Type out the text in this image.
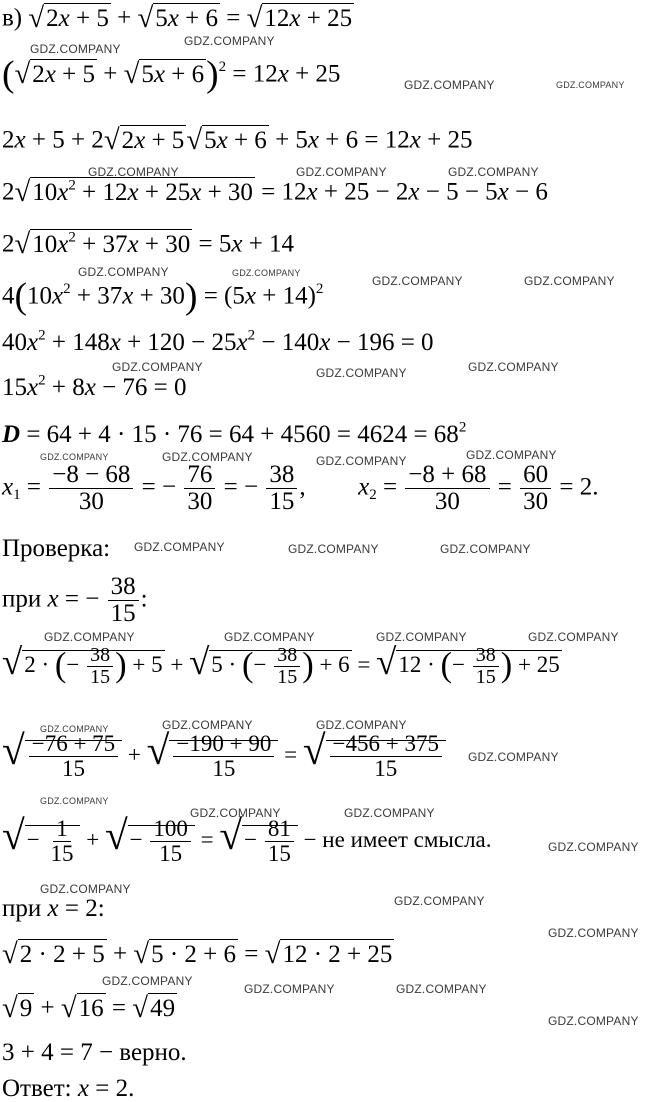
в) √2x + 5 + √5x + 6 = √12x + 25
$(√2x + 5 + √5x + 6)^2 = 12x + 25$
2x + 5 + 2√2x + 5√5x + 6 + 5x + 6 = 12x + 25
$2√10x^2 + 12x + 25x + 30 = 12x + 25 - 2x - 5 - 5x - 6$
$2√10x^2 + 37x + 30 = 5x + 14$
$4(10x^2 + 37x + 30) = (5x + 14)^2$
$40x^2 + 148x + 120 - 25x^2 - 140x - 196 = 0$
$15x^2 + 8x - 76 = 0$
$D = 64 + 4 \cdot 15 \cdot 76 = 64 + 4560 = 4624 = 68^2$
$x_1 = \frac{-8 - 68}{30}$ = − $\frac{76}{30}$ = − $\frac{38}{15}$ ,  $x_2 = \frac{-8 + 68}{30} = \frac{60}{30} = 2$.
Проверка:
при x = − $\frac{38}{15}$ :
√2 · (− $\frac{38}{15}$ ) + 5 + √5 · (− $\frac{38}{15}$ ) + 6 = √12 · (− $\frac{38}{15}$ ) + 25
√ $\frac{-76 + 75}{15}$ + √ $\frac{-190 + 90}{15}$ = √ $\frac{-456 + 375}{15}$
√− $\frac{1}{15}$ + √− $\frac{100}{15}$ = √− $\frac{81}{15}$ − не имеет смысла.
при x = 2:
√2 · 2 + 5 + √5 · 2 + 6 = √12 · 2 + 25
√9 + √16 = √49
3 + 4 = 7 − верно.
Ответ: x = 2.
GDZ.COMPANY
GDZ.COMPANY
GDZ.COMPANY	GDZ.COMPANY
GDZ.COMPANY	GDZ.COMPANY	GDZ.COMPANY
GDZ.COMPANY	GDZ.COMPANY
GDZ.COMPANY	GDZ.COMPANY
GDZ.COMPANY	GDZ.COMPANY	GDZ.COMPANY
GDZ.COMPANY	GDZ.COMPANY	GDZ.COMPANY	GDZ.COMPANY
GDZ.COMPANY	GDZ.COMPANY	GDZ.COMPANY
GDZ.COMPANY	GDZ.COMPANY	GDZ.COMPANY	GDZ.COMPANY
GDZ.COMPANY	GDZ.COMPANY	GDZ.COMPANY
GDZ.COMPANY
GDZ.COMPANY
GDZ.COMPANY	GDZ.COMPANY
GDZ.COMPANY
GDZ.COMPANY
GDZ.COMPANY
GDZ.COMPANY
GDZ.COMPANY
GDZ.COMPANY	GDZ.COMPANY
GDZ.COMPANY
